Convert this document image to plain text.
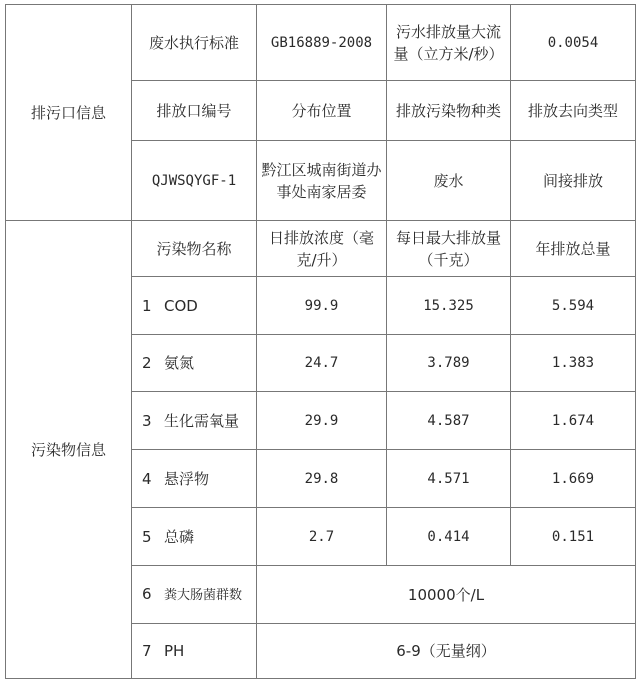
排污口信息	废水执行标准	GB16889-2008	污水排放量大流量（立方米/秒）	0.0054
	排放口编号	分布位置	排放污染物种类	排放去向类型
	QJWSQYGF-1	黔江区城南街道办事处南家居委	废水	间接排放
污染物信息	污染物名称	日排放浓度（毫克/升）	每日最大排放量（千克）	年排放总量
	1 COD	99.9	15.325	5.594
	2 氨氮	24.7	3.789	1.383
	3 生化需氧量	29.9	4.587	1.674
	4 悬浮物	29.8	4.571	1.669
	5 总磷	2.7	0.414	0.151
	6 粪大肠菌群数	10000个/L		
	7 PH	6-9（无量纲）		
